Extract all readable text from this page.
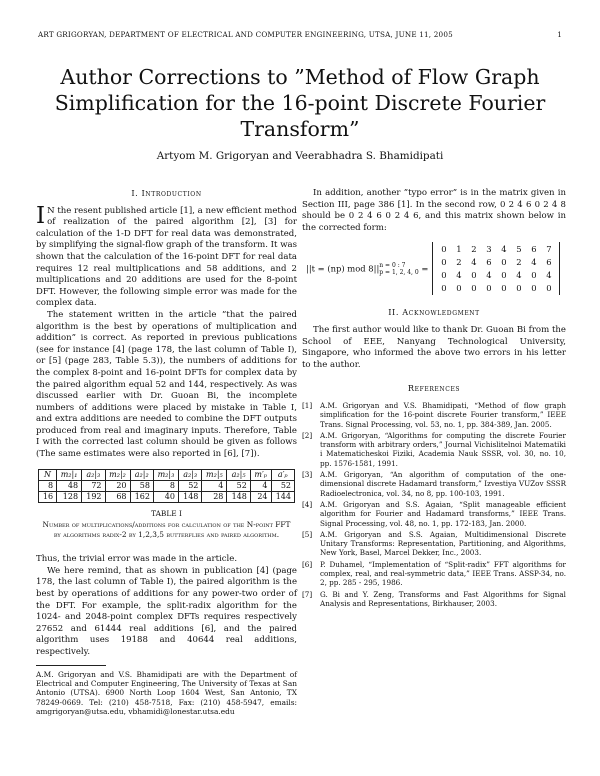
ART GRIGORYAN, DEPARTMENT OF ELECTRICAL AND COMPUTER ENGINEERING, UTSA, JUNE 11, 2005	1
Author Corrections to ”Method of Flow Graph Simplification for the 16-point Discrete Fourier Transform”
Artyom M. Grigoryan and Veerabhadra S. Bhamidipati
I. Introduction

I N the resent published article [1], a new efficient method of realization of the paired algorithm [2], [3] for calculation of the 1-D DFT for real data was demonstrated, by simplifying the signal-flow graph of the transform. It was shown that the calculation of the 16-point DFT for real data requires 12 real multiplications and 58 additions, and 2 multiplications and 20 additions are used for the 8-point DFT. However, the following simple error was made for the complex data.

The statement written in the article ”that the paired algorithm is the best by operations of multiplication and addition” is correct. As reported in previous publications (see for instance [4] (page 178, the last column of Table I), or [5] (page 283, Table 5.3)), the numbers of additions for the complex 8-point and 16-point DFTs for complex data by the paired algorithm equal 52 and 144, respectively. As was discussed earlier with Dr. Guoan Bi, the incomplete numbers of additions were placed by mistake in Table I, and extra additions are needed to combine the DFT outputs produced from real and imaginary inputs. Therefore, Table I with the corrected last column should be given as follows (The same estimates were also reported in [6], [7]).

N	m₂|₁	a₂|₃	m₂|₂	a₂|₂	m₂|₃	a₂|₃	m₂|₅	a₂|₅	m′ₚ	a′ₚ
8	48	72	20	58	8	52	4	52	4	52
16	128	192	68	162	40	148	28	148	24	144
TABLE I
Number of multiplications/additions for calculation of the N-point FFT by algorithms radix-2 by 1,2,3,5 butterflies and paired algorithm.

Thus, the trivial error was made in the article.

We here remind, that as shown in publication [4] (page 178, the last column of Table I), the paired algorithm is the best by operations of additions for any power-two order of the DFT. For example, the split-radix algorithm for the 1024- and 2048-point complex DFTs requires respectively 27652 and 61444 real additions [6], and the paired algorithm uses 19188 and 40644 real additions, respectively.

A.M. Grigoryan and V.S. Bhamidipati are with the Department of Electrical and Computer Engineering, The University of Texas at San Antonio (UTSA). 6900 North Loop 1604 West, San Antonio, TX 78249-0669. Tel: (210) 458-7518, Fax: (210) 458-5947, emails: amgrigoryan@utsa.edu, vbhamidi@lonestar.utsa.edu

In addition, another ”typo error” is in the matrix given in Section III, page 386 [1]. In the second row, 0 2 4 6 0 2 4 8 should be 0 2 4 6 0 2 4 6, and this matrix shown below in the corrected form:

||t = (np) mod 8||n = 0 : 7
p = 1, 2, 4, 0 =
0	1	2	3	4	5	6	7
0	2	4	6	0	2	4	6
0	4	0	4	0	4	0	4
0	0	0	0	0	0	0	0
II. Acknowledgment

The first author would like to thank Dr. Guoan Bi from the School of EEE, Nanyang Technological University, Singapore, who informed the above two errors in his letter to the author.

References
[1]	A.M. Grigoryan and V.S. Bhamidipati, “Method of flow graph simplification for the 16-point discrete Fourier transform,” IEEE Trans. Signal Processing, vol. 53, no. 1, pp. 384-389, Jan. 2005.
[2]	A.M. Grigoryan, “Algorithms for computing the discrete Fourier transform with arbitrary orders,” Journal Vichislitelnoi Matematiki i Matematicheskoi Fiziki, Academia Nauk SSSR, vol. 30, no. 10, pp. 1576-1581, 1991.
[3]	A.M. Grigoryan, “An algorithm of computation of the one-dimensional discrete Hadamard transform,” Izvestiya VUZov SSSR Radioelectronica, vol. 34, no 8, pp. 100-103, 1991.
[4]	A.M. Grigoryan and S.S. Agaian, “Split manageable efficient algorithm for Fourier and Hadamard transforms,” IEEE Trans. Signal Processing, vol. 48, no. 1, pp. 172-183, Jan. 2000.
[5]	A.M. Grigoryan and S.S. Agaian, Multidimensional Discrete Unitary Transforms: Representation, Partitioning, and Algorithms, New York, Basel, Marcel Dekker, Inc., 2003.
[6]	P. Duhamel, “Implementation of “Split-radix” FFT algorithms for complex, real, and real-symmetric data,” IEEE Trans. ASSP-34, no. 2, pp. 285 - 295, 1986.
[7]	G. Bi and Y. Zeng, Transforms and Fast Algorithms for Signal Analysis and Representations, Birkhauser, 2003.
